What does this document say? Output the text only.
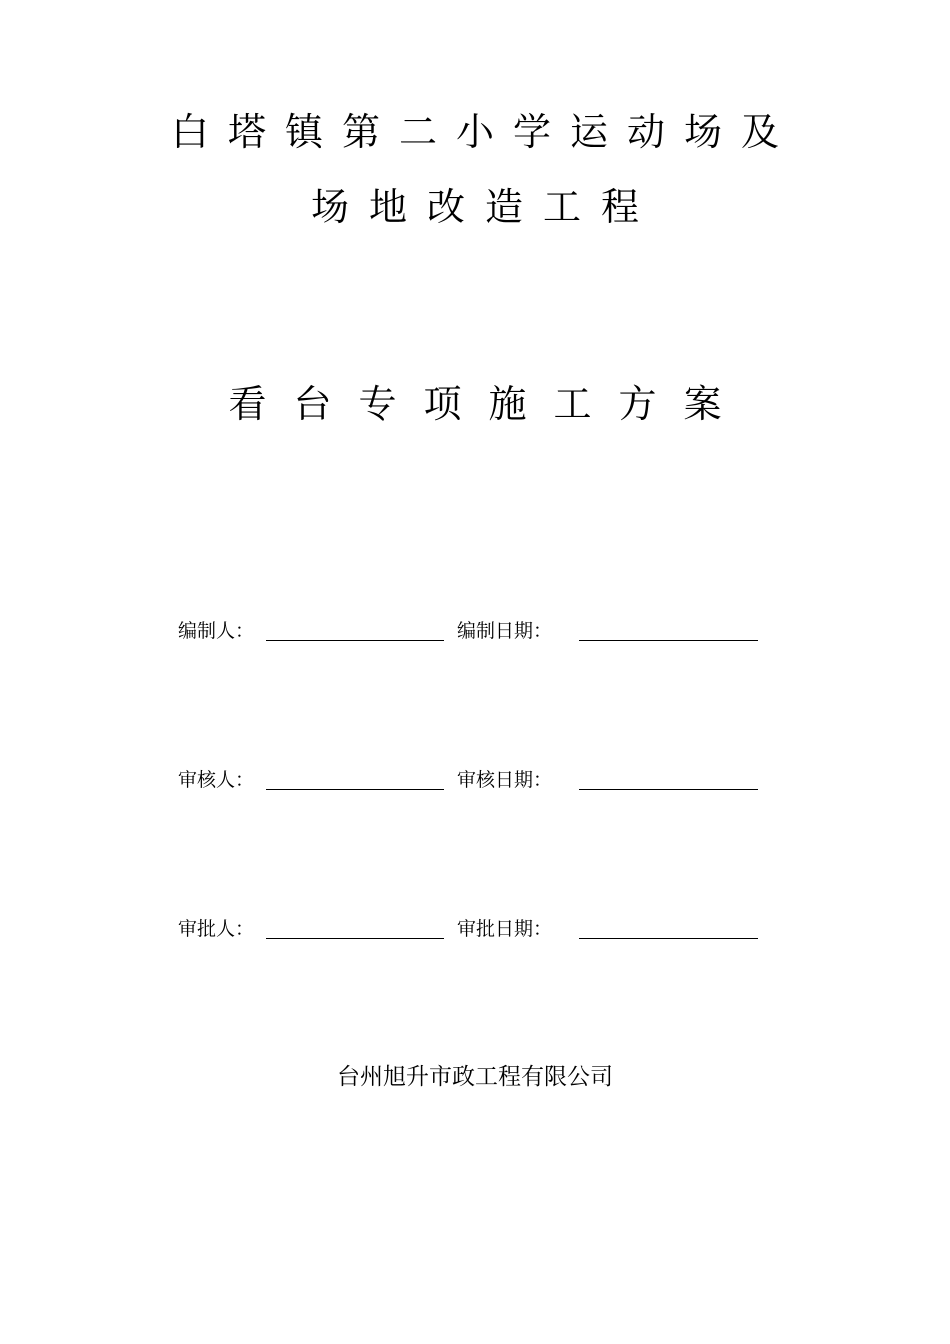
白塔镇第二小学运动场及
场地改造工程
看台专项施工方案
编制人：	编制日期：
审核人：	审核日期：
审批人：	审批日期：
台州旭升市政工程有限公司
